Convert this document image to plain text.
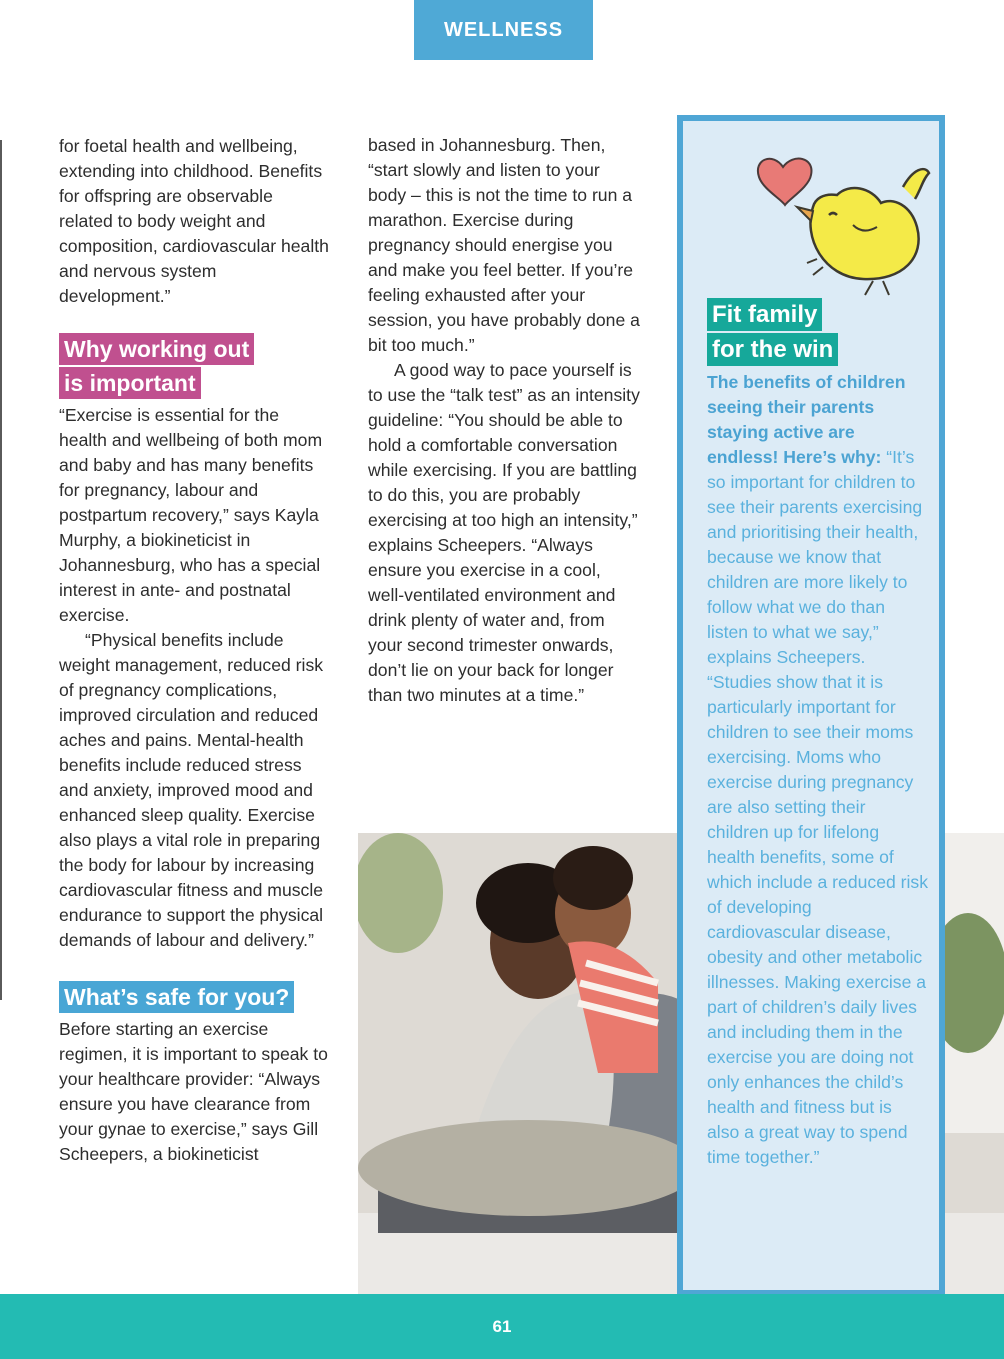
WELLNESS

for foetal health and wellbeing, extending into childhood. Benefits for offspring are observable related to body weight and composition, cardiovascular health and nervous system development.”

Why working out
is important

“Exercise is essential for the health and wellbeing of both mom and baby and has many benefits for pregnancy, labour and postpartum recovery,” says Kayla Murphy, a biokineticist in Johannesburg, who has a special interest in ante- and postnatal exercise.

“Physical benefits include weight management, reduced risk of pregnancy complications, improved circulation and reduced aches and pains. Mental-health benefits include reduced stress and anxiety, improved mood and enhanced sleep quality. Exercise also plays a vital role in preparing the body for labour by increasing cardiovascular fitness and muscle endurance to support the physical demands of labour and delivery.”

What’s safe for you?

Before starting an exercise regimen, it is important to speak to your healthcare provider: “Always ensure you have clearance from your gynae to exercise,” says Gill Scheepers, a biokineticist

based in Johannesburg. Then, “start slowly and listen to your body – this is not the time to run a marathon. Exercise during pregnancy should energise you and make you feel better. If you’re feeling exhausted after your session, you have probably done a bit too much.”

A good way to pace yourself is to use the “talk test” as an intensity guideline: “You should be able to hold a comfortable conversation while exercising. If you are battling to do this, you are probably exercising at too high an intensity,” explains Scheepers. “Always ensure you exercise in a cool, well-ventilated environment and drink plenty of water and, from your second trimester onwards, don’t lie on your back for longer than two minutes at a time.”

Fit family
for the win

The benefits of children seeing their parents staying active are endless! Here’s why: “It’s so important for children to see their parents exercising and prioritising their health, because we know that children are more likely to follow what we do than listen to what we say,” explains Scheepers. “Studies show that it is particularly important for children to see their moms exercising. Moms who exercise during pregnancy are also setting their children up for lifelong health benefits, some of which include a reduced risk of developing cardiovascular disease, obesity and other metabolic illnesses. Making exercise a part of children’s daily lives and including them in the exercise you are doing not only enhances the child’s health and fitness but is also a great way to spend time together.”

61
